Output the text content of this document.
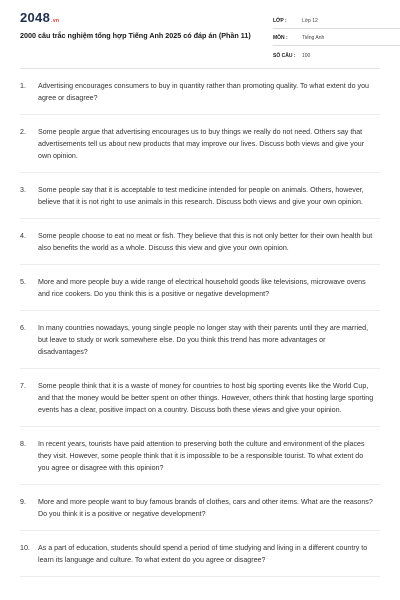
2048.vn
2000 câu trắc nghiệm tổng hợp Tiếng Anh 2025 có đáp án (Phần 11)
LỚP :	Lớp 12
MÔN :	Tiếng Anh
SỐ CÂU :	100
1.	Advertising encourages consumers to buy in quantity rather than promoting quality. To what extent do you agree or disagree?
2.	Some people argue that advertising encourages us to buy things we really do not need. Others say that advertisements tell us about new products that may improve our lives. Discuss both views and give your own opinion.
3.	Some people say that it is acceptable to test medicine intended for people on animals. Others, however, believe that it is not right to use animals in this research. Discuss both views and give your own opinion.
4.	Some people choose to eat no meat or fish. They believe that this is not only better for their own health but also benefits the world as a whole. Discuss this view and give your own opinion.
5.	More and more people buy a wide range of electrical household goods like televisions, microwave ovens and rice cookers. Do you think this is a positive or negative development?
6.	In many countries nowadays, young single people no longer stay with their parents until they are married, but leave to study or work somewhere else. Do you think this trend has more advantages or disadvantages?
7.	Some people think that it is a waste of money for countries to host big sporting events like the World Cup, and that the money would be better spent on other things. However, others think that hosting large sporting events has a clear, positive impact on a country. Discuss both these views and give your opinion.
8.	In recent years, tourists have paid attention to preserving both the culture and environment of the places they visit. However, some people think that it is impossible to be a responsible tourist. To what extent do you agree or disagree with this opinion?
9.	More and more people want to buy famous brands of clothes, cars and other items. What are the reasons? Do you think it is a positive or negative development?
10.	As a part of education, students should spend a period of time studying and living in a different country to learn its language and culture. To what extent do you agree or disagree?
